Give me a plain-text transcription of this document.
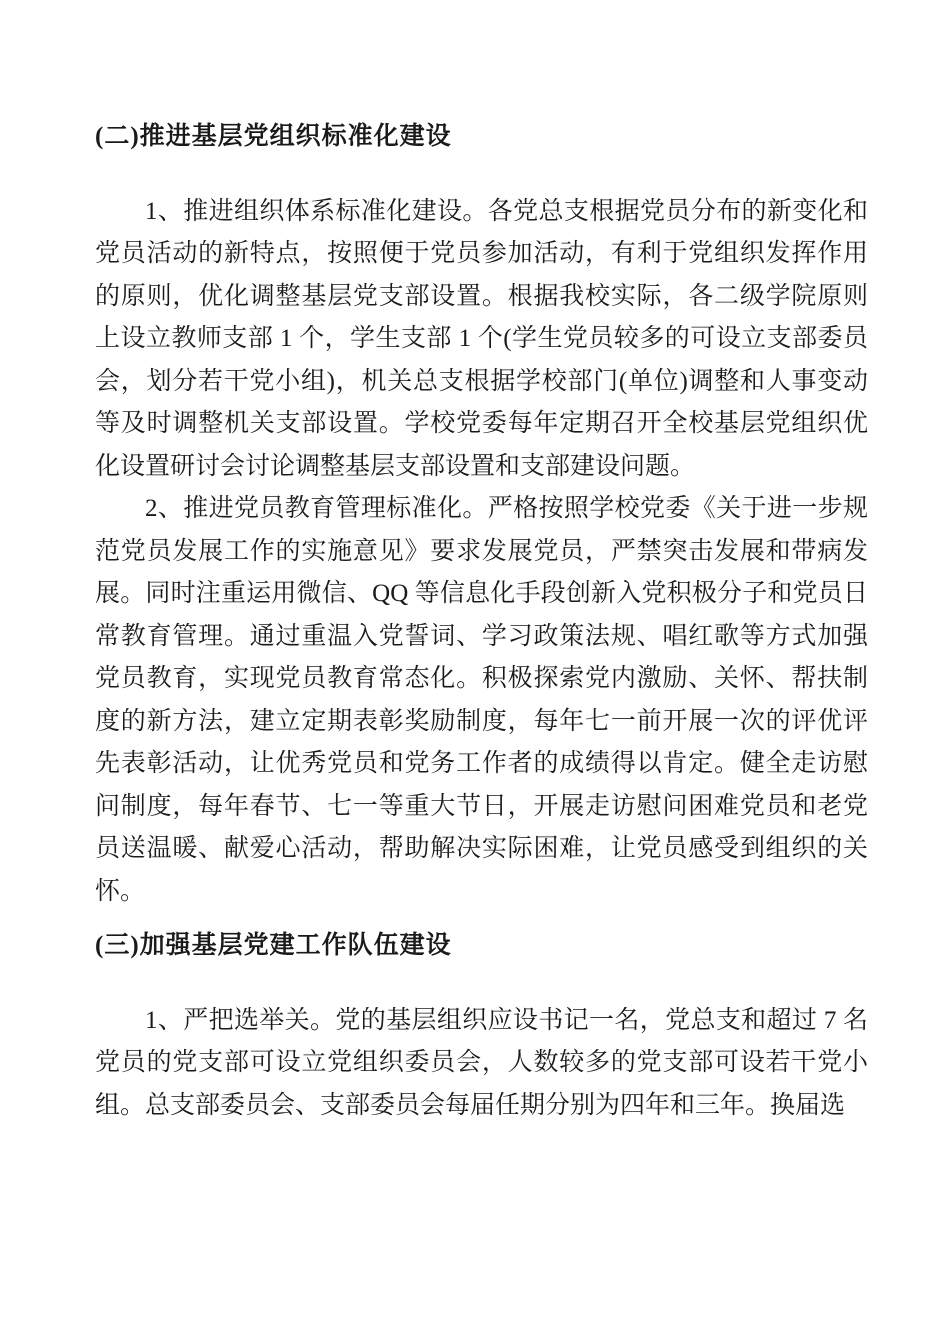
(二)推进基层党组织标准化建设

1、推进组织体系标准化建设。各党总支根据党员分布的新变化和党员活动的新特点，按照便于党员参加活动，有利于党组织发挥作用的原则，优化调整基层党支部设置。根据我校实际，各二级学院原则上设立教师支部 1 个，学生支部 1 个(学生党员较多的可设立支部委员会，划分若干党小组)，机关总支根据学校部门(单位)调整和人事变动等及时调整机关支部设置。学校党委每年定期召开全校基层党组织优化设置研讨会讨论调整基层支部设置和支部建设问题。

2、推进党员教育管理标准化。严格按照学校党委《关于进一步规范党员发展工作的实施意见》要求发展党员，严禁突击发展和带病发展。同时注重运用微信、QQ 等信息化手段创新入党积极分子和党员日常教育管理。通过重温入党誓词、学习政策法规、唱红歌等方式加强党员教育，实现党员教育常态化。积极探索党内激励、关怀、帮扶制度的新方法，建立定期表彰奖励制度，每年七一前开展一次的评优评先表彰活动，让优秀党员和党务工作者的成绩得以肯定。健全走访慰问制度，每年春节、七一等重大节日，开展走访慰问困难党员和老党员送温暖、献爱心活动，帮助解决实际困难，让党员感受到组织的关怀。

(三)加强基层党建工作队伍建设

1、严把选举关。党的基层组织应设书记一名，党总支和超过 7 名党员的党支部可设立党组织委员会，人数较多的党支部可设若干党小组。总支部委员会、支部委员会每届任期分别为四年和三年。换届选
